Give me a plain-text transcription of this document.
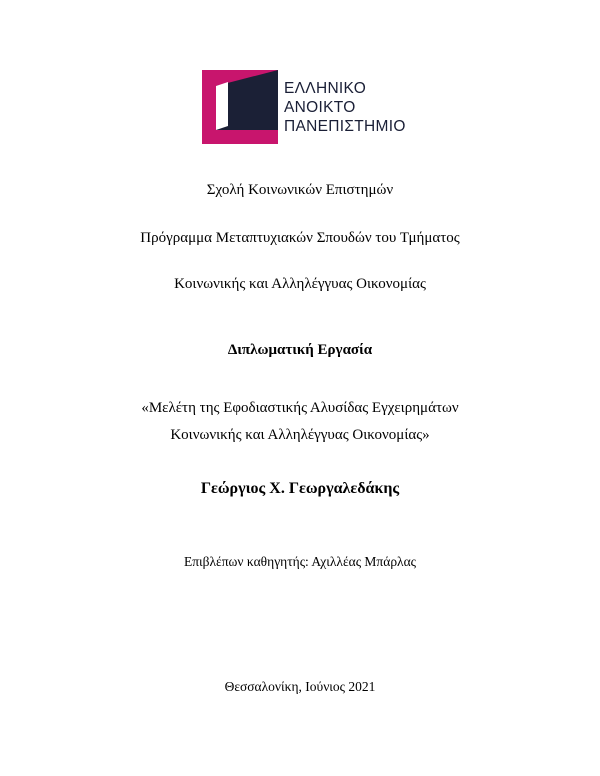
ΕΛΛΗΝΙΚΟ
ΑΝΟΙΚΤΟ
ΠΑΝΕΠΙΣΤΗΜΙΟ
Σχολή Κοινωνικών Επιστημών
Πρόγραμμα Μεταπτυχιακών Σπουδών του Τμήματος
Κοινωνικής και Αλληλέγγυας Οικονομίας
Διπλωματική Εργασία
«Μελέτη της Εφοδιαστικής Αλυσίδας Εγχειρημάτων
Κοινωνικής και Αλληλέγγυας Οικονομίας»
Γεώργιος Χ. Γεωργαλεδάκης
Επιβλέπων καθηγητής: Αχιλλέας Μπάρλας
Θεσσαλονίκη, Ιούνιος 2021
